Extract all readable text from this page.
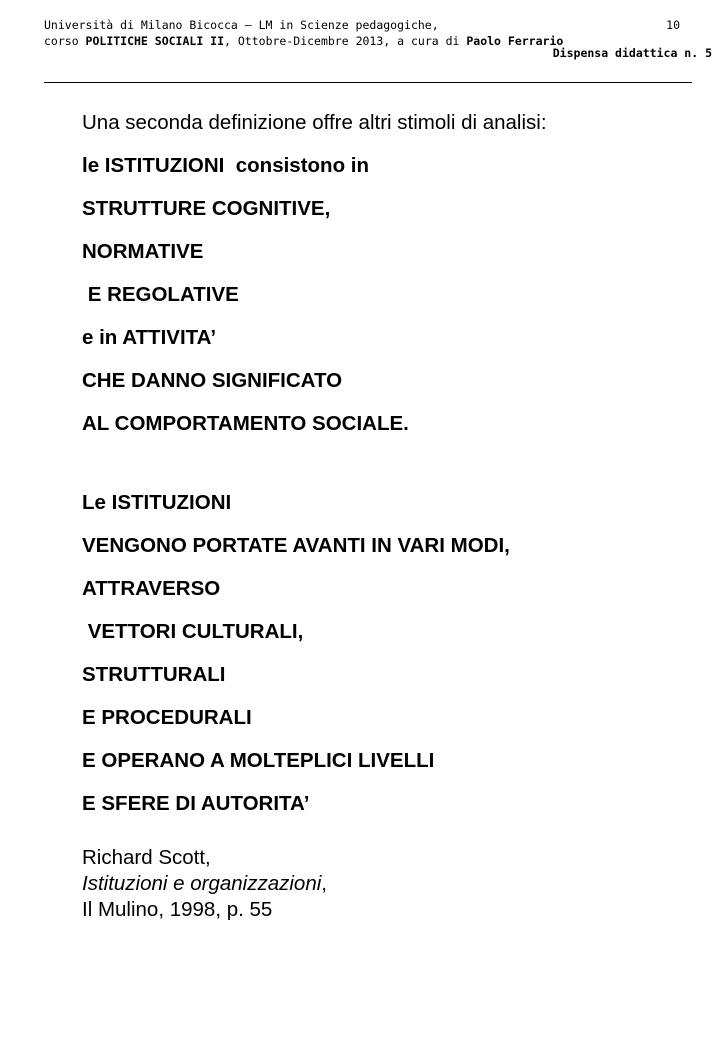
Università di Milano Bicocca – LM in Scienze pedagogiche,
corso POLITICHE SOCIALI II, Ottobre-Dicembre 2013, a cura di Paolo Ferrario
10
Dispensa didattica n. 5
Una seconda definizione offre altri stimoli di analisi:
le ISTITUZIONI  consistono in
STRUTTURE COGNITIVE,
NORMATIVE
E REGOLATIVE
e in ATTIVITA’
CHE DANNO SIGNIFICATO
AL COMPORTAMENTO SOCIALE.
Le ISTITUZIONI
VENGONO PORTATE AVANTI IN VARI MODI,
ATTRAVERSO
VETTORI CULTURALI,
STRUTTURALI
E PROCEDURALI
E OPERANO A MOLTEPLICI LIVELLI
E SFERE DI AUTORITA’
Richard Scott,
Istituzioni e organizzazioni,
Il Mulino, 1998, p. 55
